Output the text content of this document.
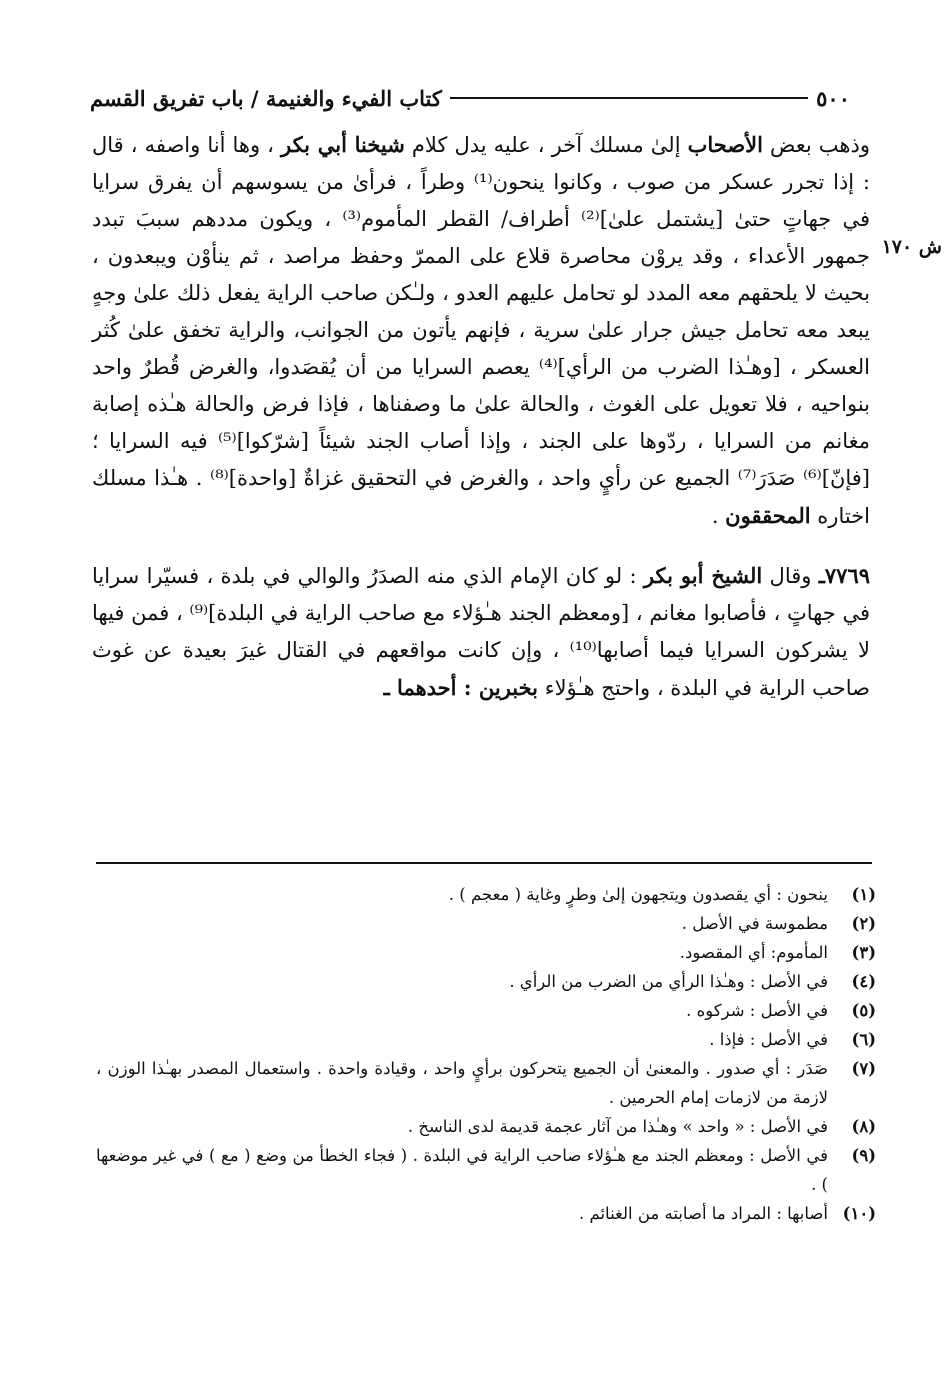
٥٠٠
كتاب الفيء والغنيمة / باب تفريق القسم
ش ١٧٠

وذهب بعض الأصحاب إلىٰ مسلك آخر ، عليه يدل كلام شيخنا أبي بكر ، وها أنا واصفه ، قال : إذا تجرر عسكر من صوب ، وكانوا ينحون⁽¹⁾ وطراً ، فرأىٰ من يسوسهم أن يفرق سرايا في جهاتٍ حتىٰ [يشتمل علىٰ]⁽²⁾ أطراف/ القطر المأموم⁽³⁾ ، ويكون مددهم سببَ تبدد جمهور الأعداء ، وقد يروْن محاصرة قلاع على الممرّ وحفظ مراصد ، ثم ينأوْن ويبعدون ، بحيث لا يلحقهم معه المدد لو تحامل عليهم العدو ، ولـٰكن صاحب الراية يفعل ذلك علىٰ وجهٍ يبعد معه تحامل جيش جرار علىٰ سرية ، فإنهم يأتون من الجوانب، والراية تخفق علىٰ كُثر العسكر ، [وهـٰذا الضرب من الرأي]⁽⁴⁾ يعصم السرايا من أن يُقصَدوا، والغرض قُطرٌ واحد بنواحيه ، فلا تعويل على الغوث ، والحالة علىٰ ما وصفناها ، فإذا فرض والحالة هـٰذه إصابة مغانم من السرايا ، ردّوها على الجند ، وإذا أصاب الجند شيئاً [شرّكوا]⁽⁵⁾ فيه السرايا ؛ [فإنّ]⁽⁶⁾ صَدَرَ⁽⁷⁾ الجميع عن رأيٍ واحد ، والغرض في التحقيق غزاةٌ [واحدة]⁽⁸⁾ . هـٰذا مسلك اختاره المحققون .

٧٧٦٩ـ وقال الشيخ أبو بكر : لو كان الإمام الذي منه الصدَرُ والوالي في بلدة ، فسيّرا سرايا في جهاتٍ ، فأصابوا مغانم ، [ومعظم الجند هـٰؤلاء مع صاحب الراية في البلدة]⁽⁹⁾ ، فمن فيها لا يشركون السرايا فيما أصابها⁽¹⁰⁾ ، وإن كانت مواقعهم في القتال غيرَ بعيدة عن غوث صاحب الراية في البلدة ، واحتج هـٰؤلاء بخبرين : أحدهما ـ

(١)
ينحون : أي يقصدون ويتجهون إلىٰ وطرٍ وغاية ( معجم ) .
(٢)
مطموسة في الأصل .
(٣)
المأموم: أي المقصود.
(٤)
في الأصل : وهـٰذا الرأي من الضرب من الرأي .
(٥)
في الأصل : شركوه .
(٦)
في الأصل : فإذا .
(٧)
صَدَر : أي صدور . والمعنىٰ أن الجميع يتحركون برأيٍ واحد ، وقيادة واحدة . واستعمال المصدر بهـٰذا الوزن ، لازمة من لازمات إمام الحرمين .
(٨)
في الأصل : « واحد » وهـٰذا من آثار عجمة قديمة لدى الناسخ .
(٩)
في الأصل : ومعظم الجند مع هـٰؤلاء صاحب الراية في البلدة . ( فجاء الخطأ من وضع ( مع ) في غير موضعها ) .
(١٠)
أصابها : المراد ما أصابته من الغنائم .
